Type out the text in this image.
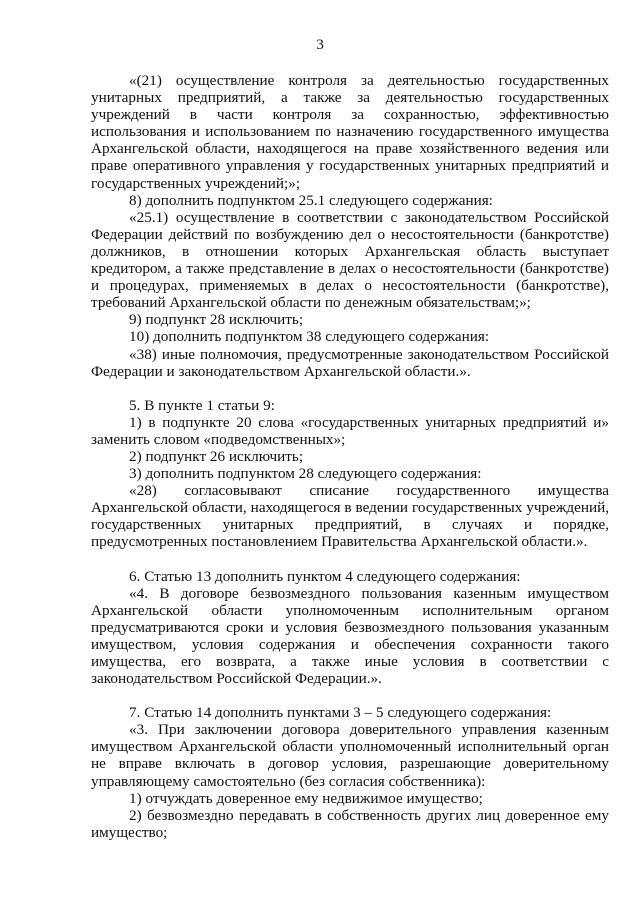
3

«(21) осуществление контроля за деятельностью государственных унитарных предприятий, а также за деятельностью государственных учреждений в части контроля за сохранностью, эффективностью использования и использованием по назначению государственного имущества Архангельской области, находящегося на праве хозяйственного ведения или праве оперативного управления у государственных унитарных предприятий и государственных учреждений;»;

8) дополнить подпунктом 25.1 следующего содержания:

«25.1) осуществление в соответствии с законодательством Российской Федерации действий по возбуждению дел о несостоятельности (банкротстве) должников, в отношении которых Архангельская область выступает кредитором, а также представление в делах о несостоятельности (банкротстве) и процедурах, применяемых в делах о несостоятельности (банкротстве), требований Архангельской области по денежным обязательствам;»;

9) подпункт 28 исключить;

10) дополнить подпунктом 38 следующего содержания:

«38) иные полномочия, предусмотренные законодательством Российской Федерации и законодательством Архангельской области.».

5. В пункте 1 статьи 9:

1) в подпункте 20 слова «государственных унитарных предприятий и» заменить словом «подведомственных»;

2) подпункт 26 исключить;

3) дополнить подпунктом 28 следующего содержания:

«28) согласовывают списание государственного имущества Архангельской области, находящегося в ведении государственных учреждений, государственных унитарных предприятий, в случаях и порядке, предусмотренных постановлением Правительства Архангельской области.».

6. Статью 13 дополнить пунктом 4 следующего содержания:

«4. В договоре безвозмездного пользования казенным имуществом Архангельской области уполномоченным исполнительным органом предусматриваются сроки и условия безвозмездного пользования указанным имуществом, условия содержания и обеспечения сохранности такого имущества, его возврата, а также иные условия в соответствии с законодательством Российской Федерации.».

7. Статью 14 дополнить пунктами 3 – 5 следующего содержания:

«3. При заключении договора доверительного управления казенным имуществом Архангельской области уполномоченный исполнительный орган не вправе включать в договор условия, разрешающие доверительному управляющему самостоятельно (без согласия собственника):

1) отчуждать доверенное ему недвижимое имущество;

2) безвозмездно передавать в собственность других лиц доверенное ему имущество;
